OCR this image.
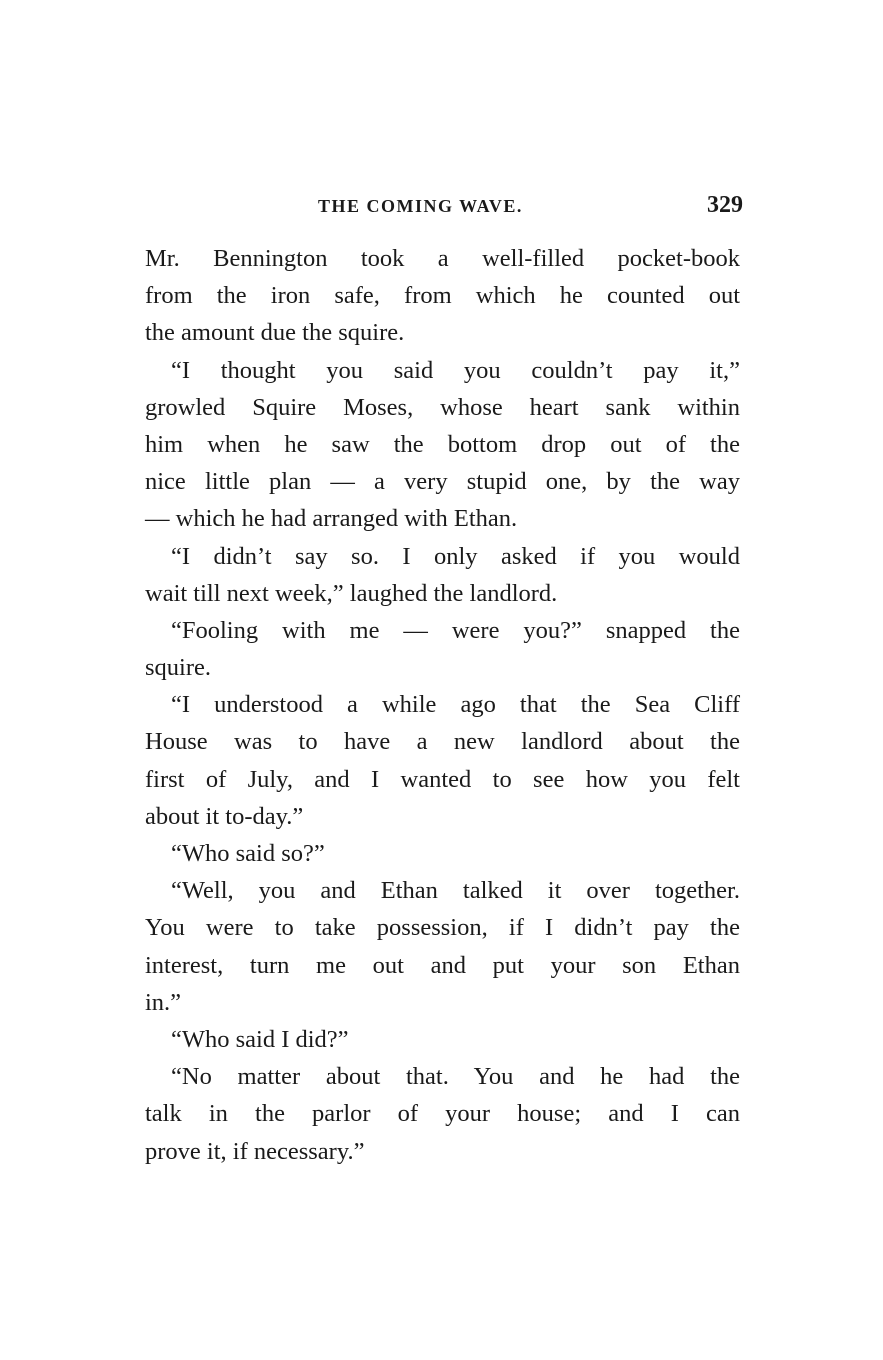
THE COMING WAVE.	329
Mr. Bennington took a well-filled pocket-book
from the iron safe, from which he counted out
the amount due the squire.
“I thought you said you couldn’t pay it,”
growled Squire Moses, whose heart sank within
him when he saw the bottom drop out of the
nice little plan — a very stupid one, by the way
— which he had arranged with Ethan.
“I didn’t say so. I only asked if you would
wait till next week,” laughed the landlord.
“Fooling with me — were you?” snapped the
squire.
“I understood a while ago that the Sea Cliff
House was to have a new landlord about the
first of July, and I wanted to see how you felt
about it to-day.”
“Who said so?”
“Well, you and Ethan talked it over together.
You were to take possession, if I didn’t pay the
interest, turn me out and put your son Ethan
in.”
“Who said I did?”
“No matter about that. You and he had the
talk in the parlor of your house; and I can
prove it, if necessary.”
